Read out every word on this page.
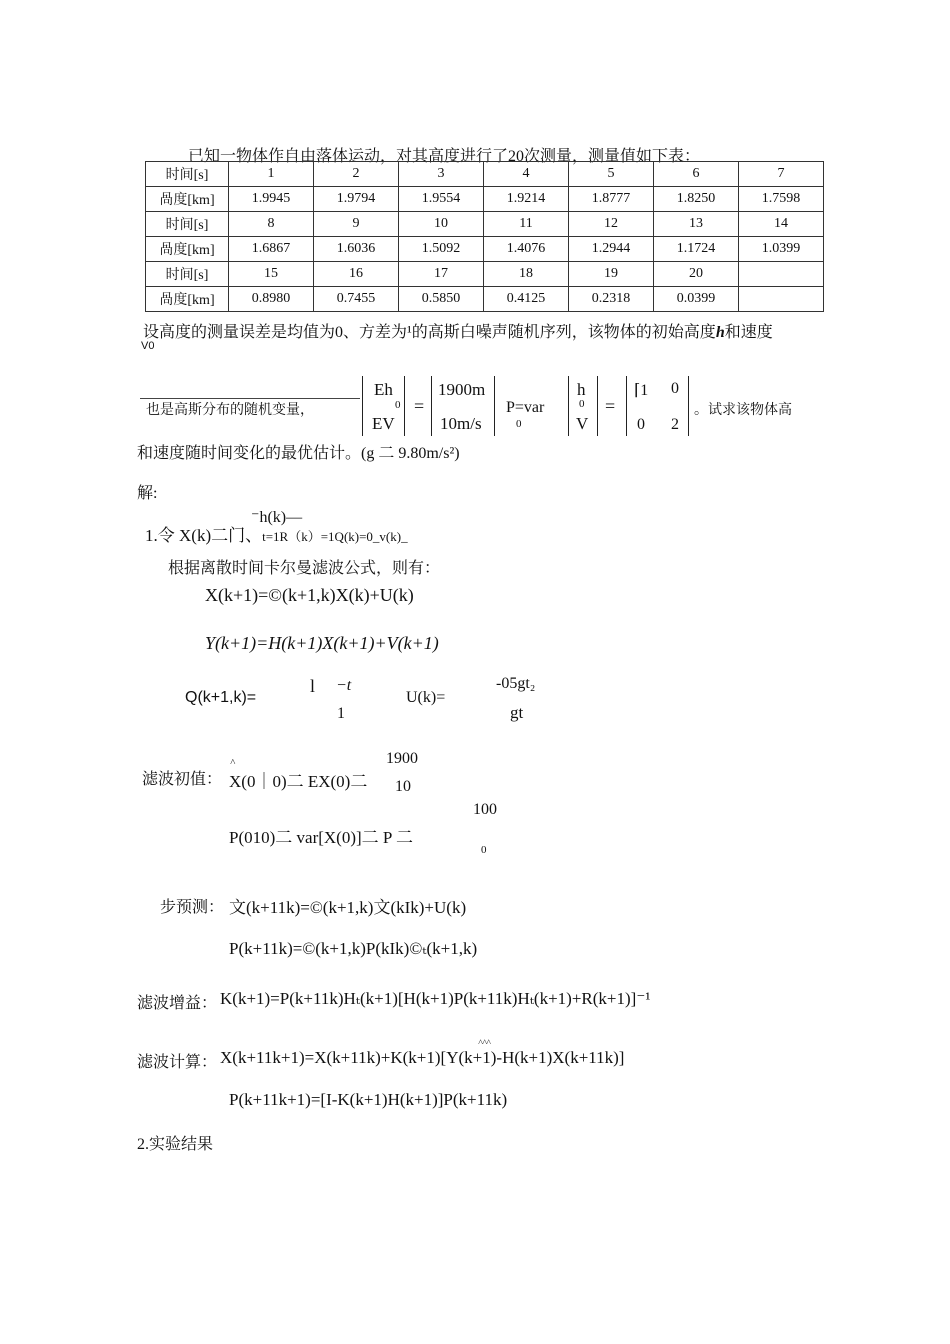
已知一物体作自由落体运动，对其高度进行了20次测量，测量值如下表：
时间[s]	1	2	3	4	5	6	7
咼度[km]	1.9945	1.9794	1.9554	1.9214	1.8777	1.8250	1.7598
时间[s]	8	9	10	11	12	13	14
咼度[km]	1.6867	1.6036	1.5092	1.4076	1.2944	1.1724	1.0399
时间[s]	15	16	17	18	19	20	
咼度[km]	0.8980	0.7455	0.5850	0.4125	0.2318	0.0399	
设高度的测量误差是均值为0、方差为¹的高斯白噪声随机序列，该物体的初始高度h和速度
V0
也是高斯分布的随机变量，
Eh
0
EV
=
1900m
10m/s
P=var
0
h
0
V
=
⌈1 0
0 2
。试求该物体高
和速度随时间变化的最优估计。(g 二 9.80m/s²)
解:
⁻h(k)—
1.令 X(k)二门、t=1R（k）=1Q(k)=0_v(k)_
根据离散时间卡尔曼滤波公式，则有：
X(k+1)=©(k+1,k)X(k)+U(k)
Y(k+1)=H(k+1)X(k+1)+V(k+1)
Q(k+1,k)=
l −t
1
U(k)=
-05gt₂
gt
1900
滤波初值：
˄
X(0｜0)二 EX(0)二 10
100
P(010)二 var[X(0)]二 P 二
0
步预测： 文(k+11k)=©(k+1,k)文(kIk)+U(k)
P(k+11k)=©(k+1,k)P(kIk)©ₜ(k+1,k)
滤波增益： K(k+1)=P(k+11k)Hₜ(k+1)[H(k+1)P(k+11k)Hₜ(k+1)+R(k+1)]⁻¹
˄˄˄
滤波计算： X(k+11k+1)=X(k+11k)+K(k+1)[Y(k+1)-H(k+1)X(k+11k)]
P(k+11k+1)=[I-K(k+1)H(k+1)]P(k+11k)
2.实验结果
